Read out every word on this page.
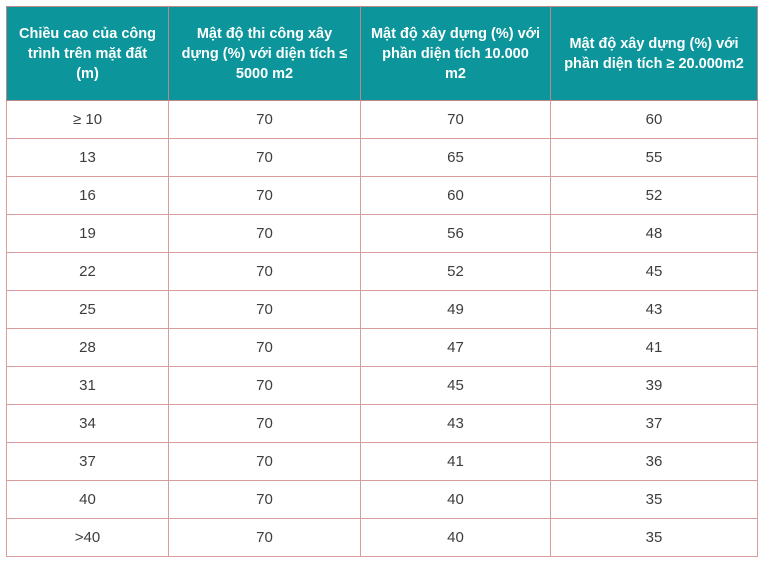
Chiều cao của công trình trên mặt đất (m)	Mật độ thi công xây dựng (%) với diện tích ≤ 5000 m2	Mật độ xây dựng (%) với phần diện tích 10.000 m2	Mật độ xây dựng (%) với phần diện tích ≥ 20.000m2
≥ 10	70	70	60
13	70	65	55
16	70	60	52
19	70	56	48
22	70	52	45
25	70	49	43
28	70	47	41
31	70	45	39
34	70	43	37
37	70	41	36
40	70	40	35
>40	70	40	35
